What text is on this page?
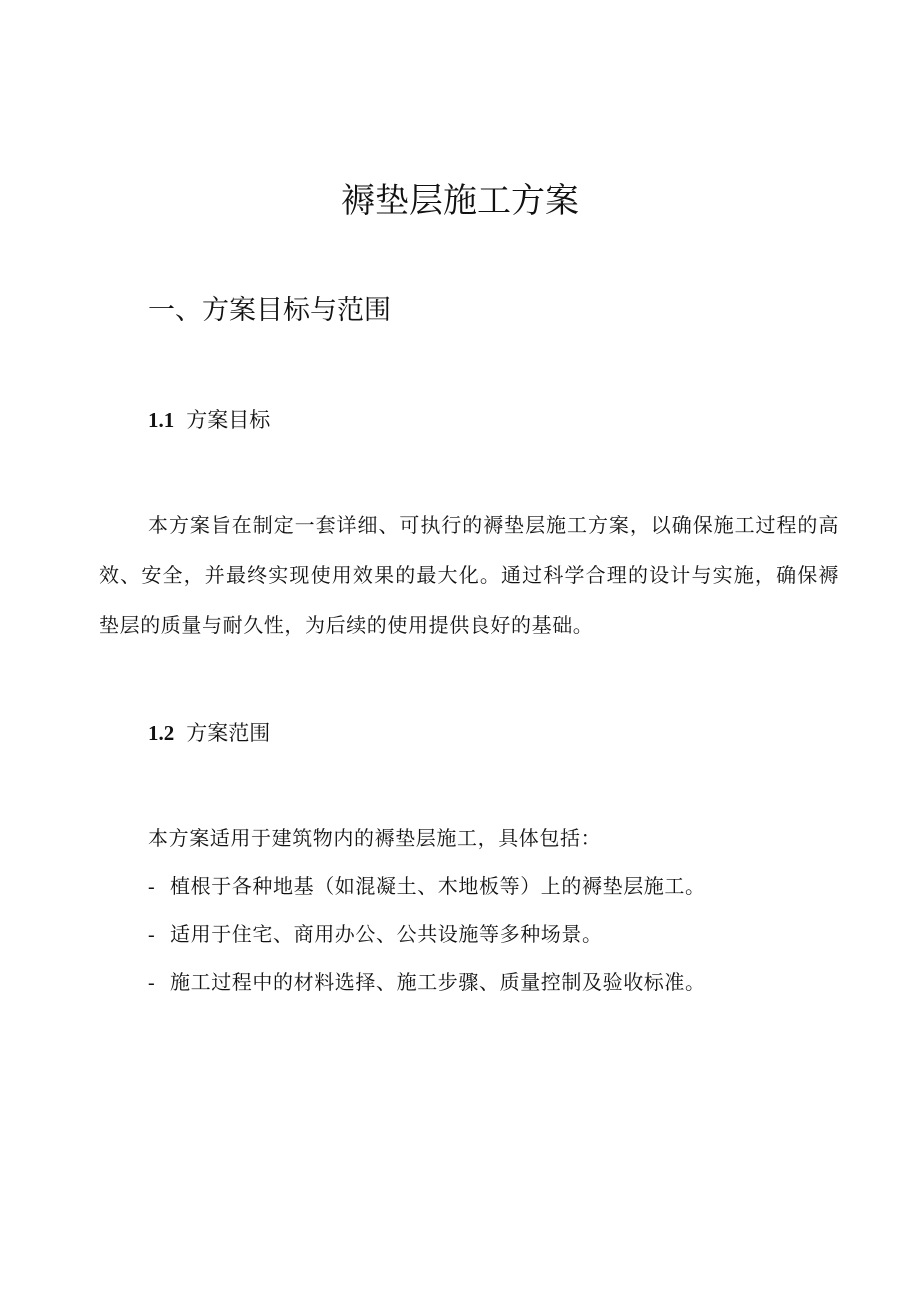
褥垫层施工方案
一、方案目标与范围
1.1 方案目标

本方案旨在制定一套详细、可执行的褥垫层施工方案，以确保施工过程的高效、安全，并最终实现使用效果的最大化。通过科学合理的设计与实施，确保褥垫层的质量与耐久性，为后续的使用提供良好的基础。

1.2 方案范围
本方案适用于建筑物内的褥垫层施工，具体包括：
- 植根于各种地基（如混凝土、木地板等）上的褥垫层施工。
- 适用于住宅、商用办公、公共设施等多种场景。
- 施工过程中的材料选择、施工步骤、质量控制及验收标准。
